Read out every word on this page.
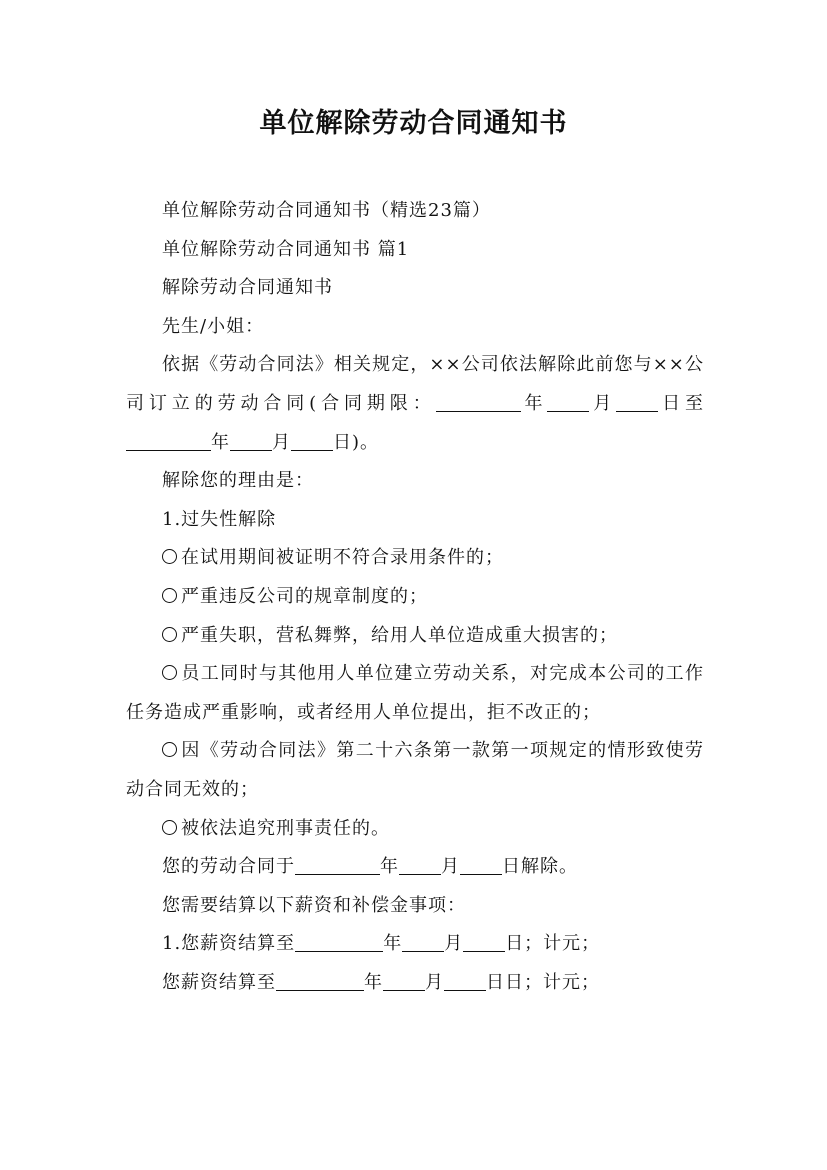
单位解除劳动合同通知书

单位解除劳动合同通知书（精选23篇）

单位解除劳动合同通知书 篇1

解除劳动合同通知书

先生/小姐：

依据《劳动合同法》相关规定，××公司依法解除此前您与××公司订立的劳动合同(合同期限：	年 月 日至年 月 日)。

解除您的理由是：

1.过失性解除

在试用期间被证明不符合录用条件的；

严重违反公司的规章制度的；

严重失职，营私舞弊，给用人单位造成重大损害的；

员工同时与其他用人单位建立劳动关系，对完成本公司的工作任务造成严重影响，或者经用人单位提出，拒不改正的；

因《劳动合同法》第二十六条第一款第一项规定的情形致使劳动合同无效的；

被依法追究刑事责任的。

您的劳动合同于	年 月 日解除。

您需要结算以下薪资和补偿金事项：

1.您薪资结算至	年 月 日；计元；

您薪资结算至	年 月 日日；计元；
